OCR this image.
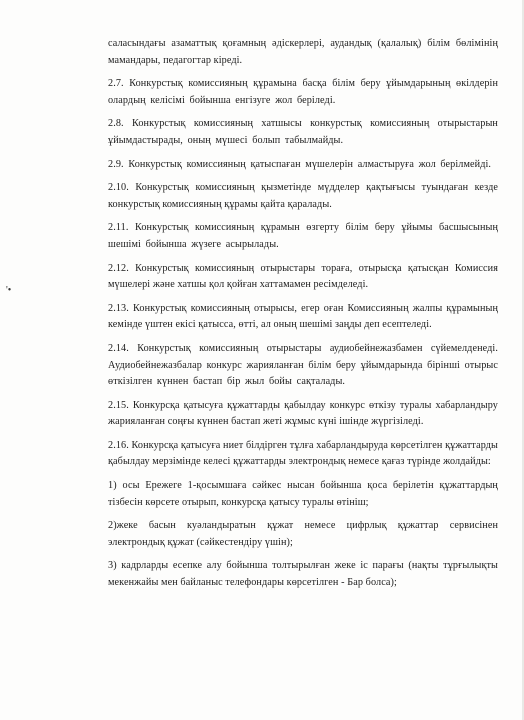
'•

саласындағы азаматтық қоғамның әдіскерлері, аудандық (қалалық) білім бөлімінің мамандары, педагогтар кіреді.

2.7. Конкурстық комиссияның құрамына басқа білім беру ұйымдарының өкілдерін олардың келісімі бойынша енгізуге жол беріледі.

2.8. Конкурстық комиссияның хатшысы конкурстық комиссияның отырыстарын ұйымдастырады, оның мүшесі болып табылмайды.

2.9. Конкурстық комиссияның қатыспаған мүшелерін алмастыруға жол берілмейді.

2.10. Конкурстық комиссияның қызметінде мүдделер қақтығысы туындаған кезде конкурстық комиссияның құрамы қайта қаралады.

2.11. Конкурстық комиссияның құрамын өзгерту білім беру ұйымы басшысының шешімі бойынша жүзеге асырылады.

2.12. Конкурстық комиссияның отырыстары тораға, отырысқа қатысқан Комиссия мүшелері және хатшы қол қойған хаттамамен ресімделеді.

2.13. Конкурстық комиссияның отырысы, егер оған Комиссияның жалпы құрамының кемінде үштен екісі қатысса, өтті, ал оның шешімі заңды деп есептеледі.

2.14. Конкурстық комиссияның отырыстары аудиобейнежазбамен сүйемелденеді. Аудиобейнежазбалар конкурс жарияланған білім беру ұйымдарында бірінші отырыс өткізілген күннен бастап бір жыл бойы сақталады.

2.15. Конкурсқа қатысуға құжаттарды қабылдау конкурс өткізу туралы хабарландыру жарияланған соңғы күннен бастап жеті жұмыс күні ішінде жүргізіледі.

2.16. Конкурсқа қатысуға ниет білдірген тұлға хабарландыруда көрсетілген құжаттарды қабылдау мерзімінде келесі құжаттарды электрондық немесе қағаз түрінде жолдайды:

1) осы Ережеге 1-қосымшаға сәйкес нысан бойынша қоса берілетін құжаттардың тізбесін көрсете отырып, конкурсқа қатысу туралы өтініш;

2)жеке басын куәландыратын құжат немесе цифрлық құжаттар сервисінен электрондық құжат (сәйкестендіру үшін);

3) кадрларды есепке алу бойынша толтырылған жеке іс парағы (нақты тұрғылықты мекенжайы мен байланыс телефондары көрсетілген - Бар болса);
